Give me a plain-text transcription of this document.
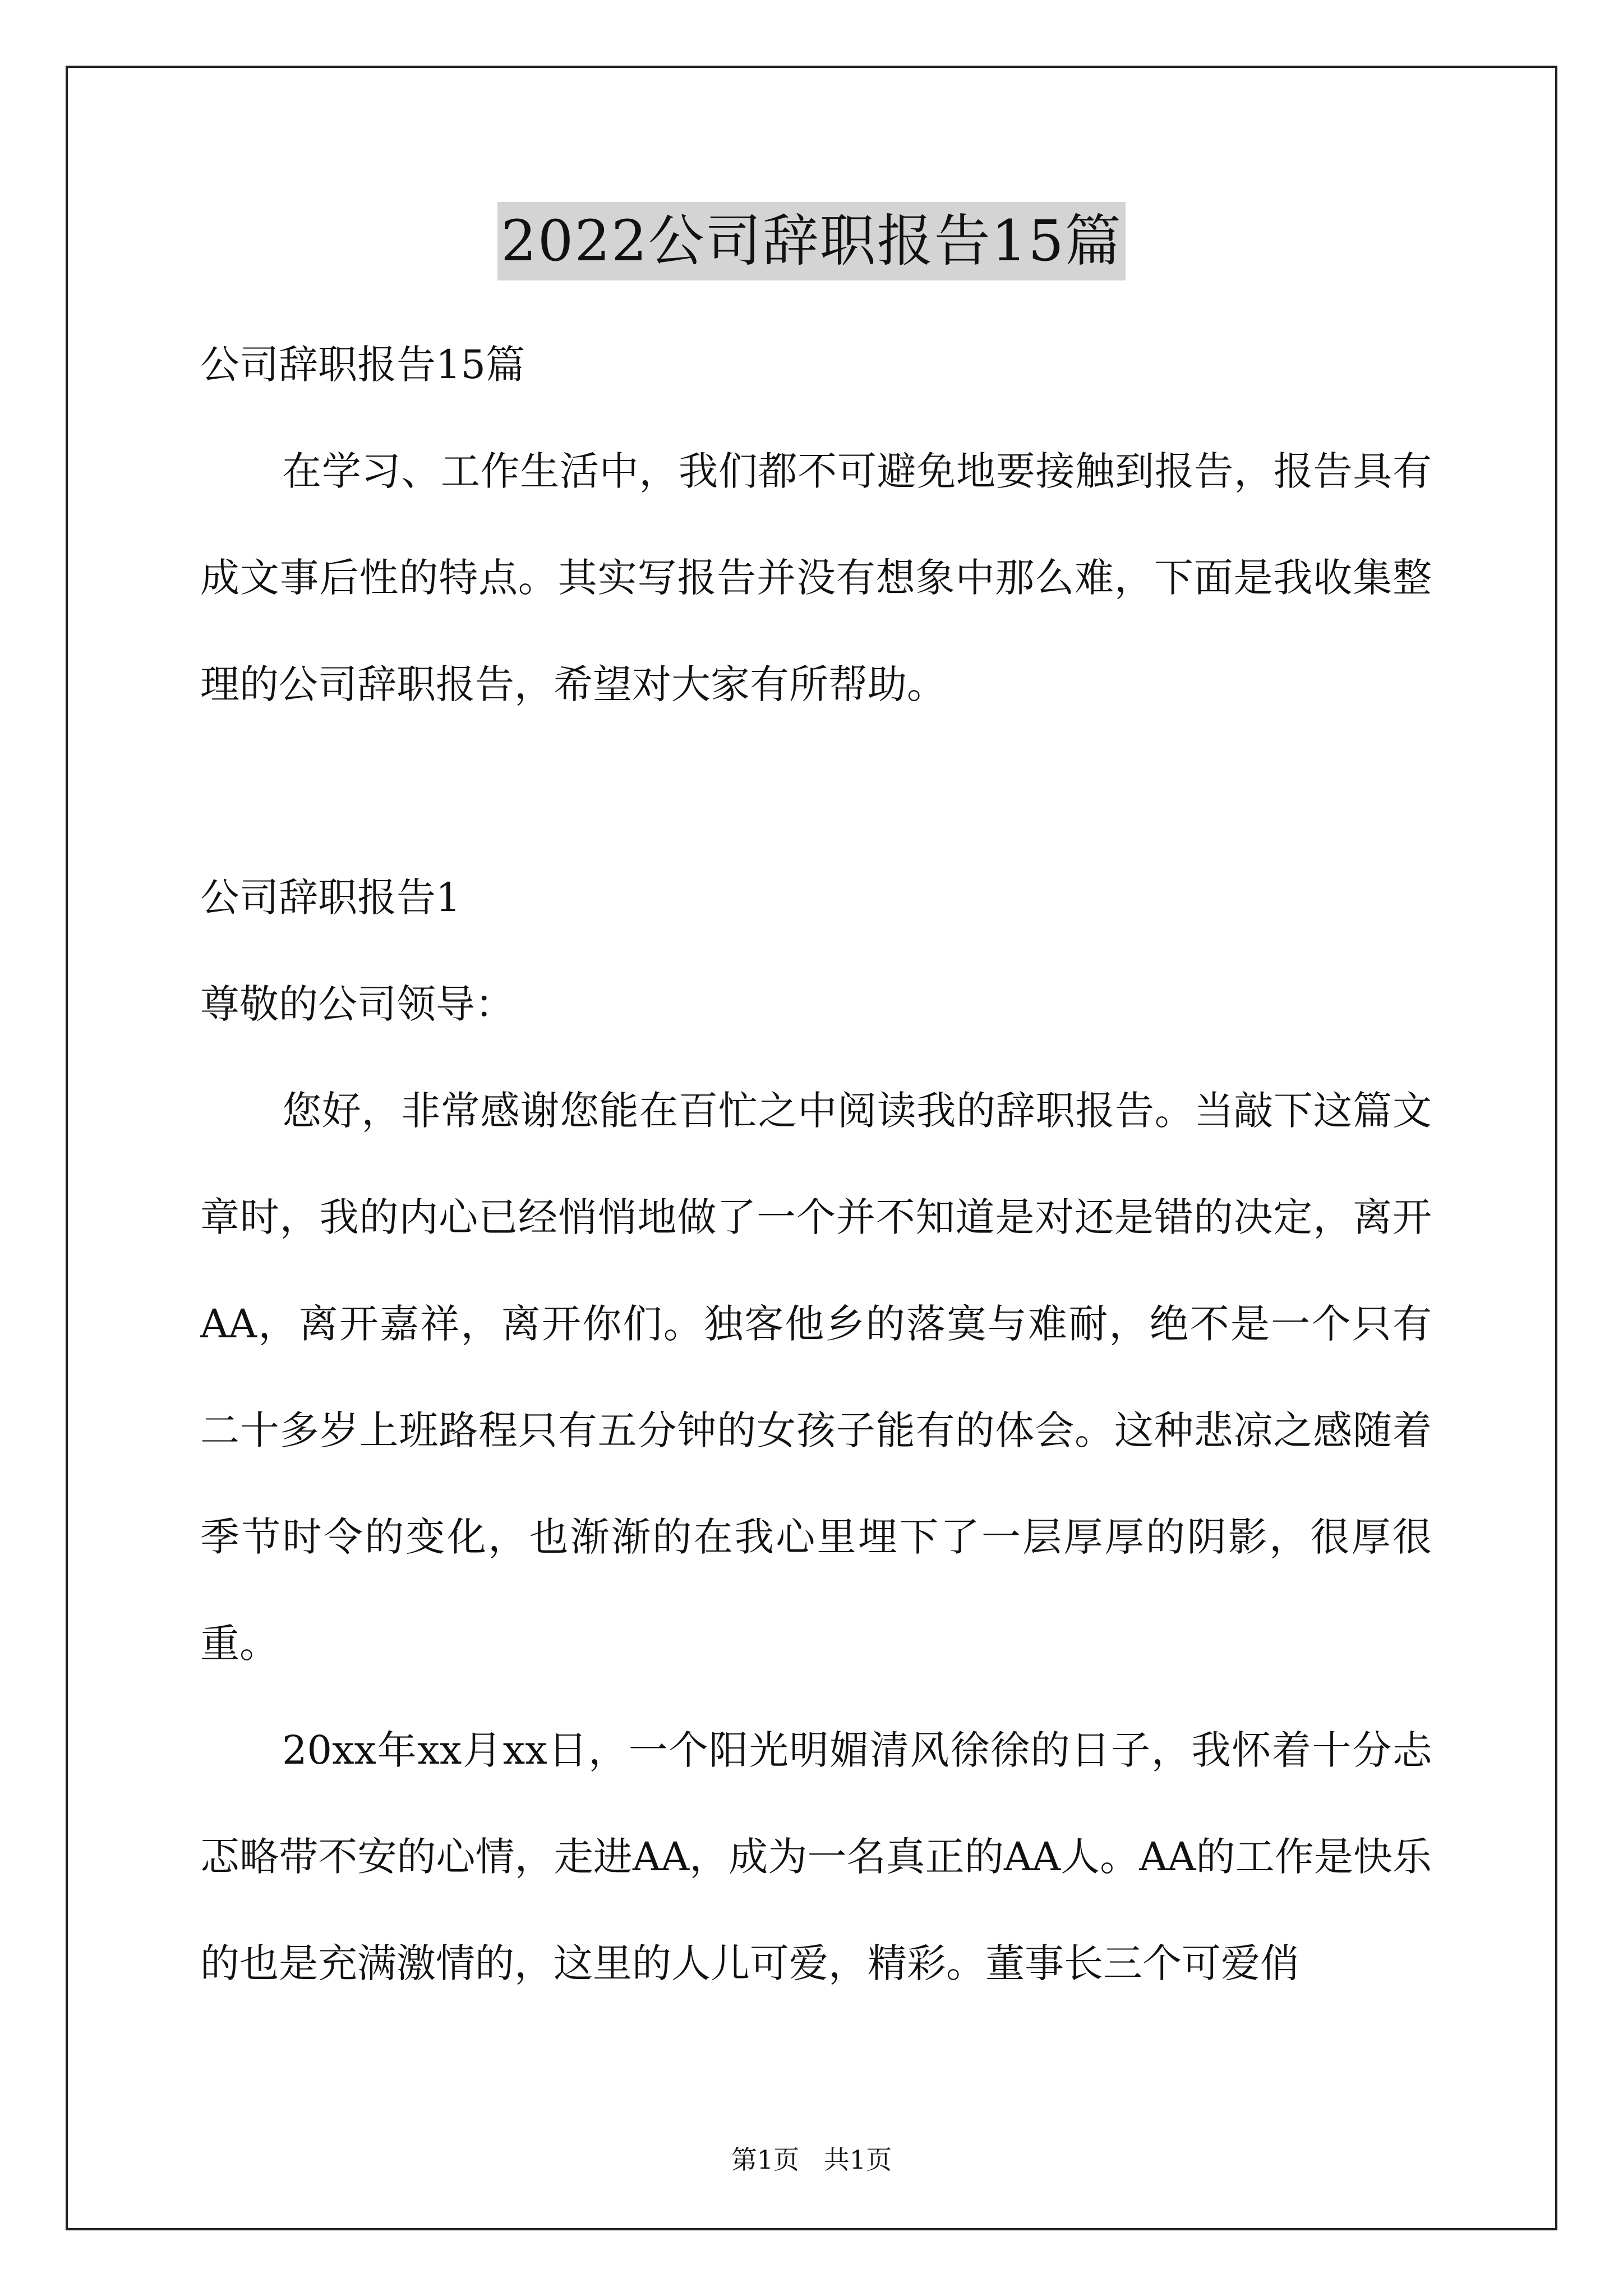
2022公司辞职报告15篇

公司辞职报告15篇

在学习、工作生活中，我们都不可避免地要接触到报告，报告具有成文事后性的特点。其实写报告并没有想象中那么难，下面是我收集整理的公司辞职报告，希望对大家有所帮助。

公司辞职报告1

尊敬的公司领导：

您好，非常感谢您能在百忙之中阅读我的辞职报告。当敲下这篇文章时，我的内心已经悄悄地做了一个并不知道是对还是错的决定，离开AA，离开嘉祥，离开你们。独客他乡的落寞与难耐，绝不是一个只有二十多岁上班路程只有五分钟的女孩子能有的体会。这种悲凉之感随着季节时令的变化，也渐渐的在我心里埋下了一层厚厚的阴影，很厚很重。

20xx年xx月xx日，一个阳光明媚清风徐徐的日子，我怀着十分忐忑略带不安的心情，走进AA，成为一名真正的AA人。AA的工作是快乐的也是充满激情的，这里的人儿可爱，精彩。董事长三个可爱俏

第1页   共1页
